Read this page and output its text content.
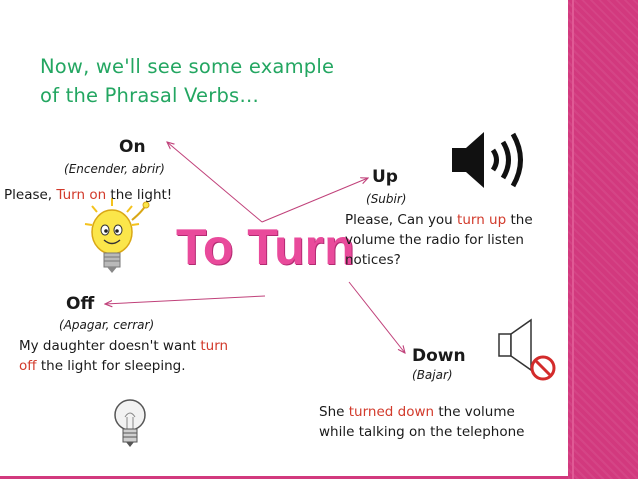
Now, we'll see some example
of the Phrasal Verbs…
To Turn
On
(Encender, abrir)
Please, Turn on the light!
Up
(Subir)
Please, Can you turn up the
volume the radio for listen
notices?
Off
(Apagar, cerrar)
My daughter doesn't want turn
off the light for sleeping.	Down
(Bajar)
She turned down the volume
while talking on the telephone
